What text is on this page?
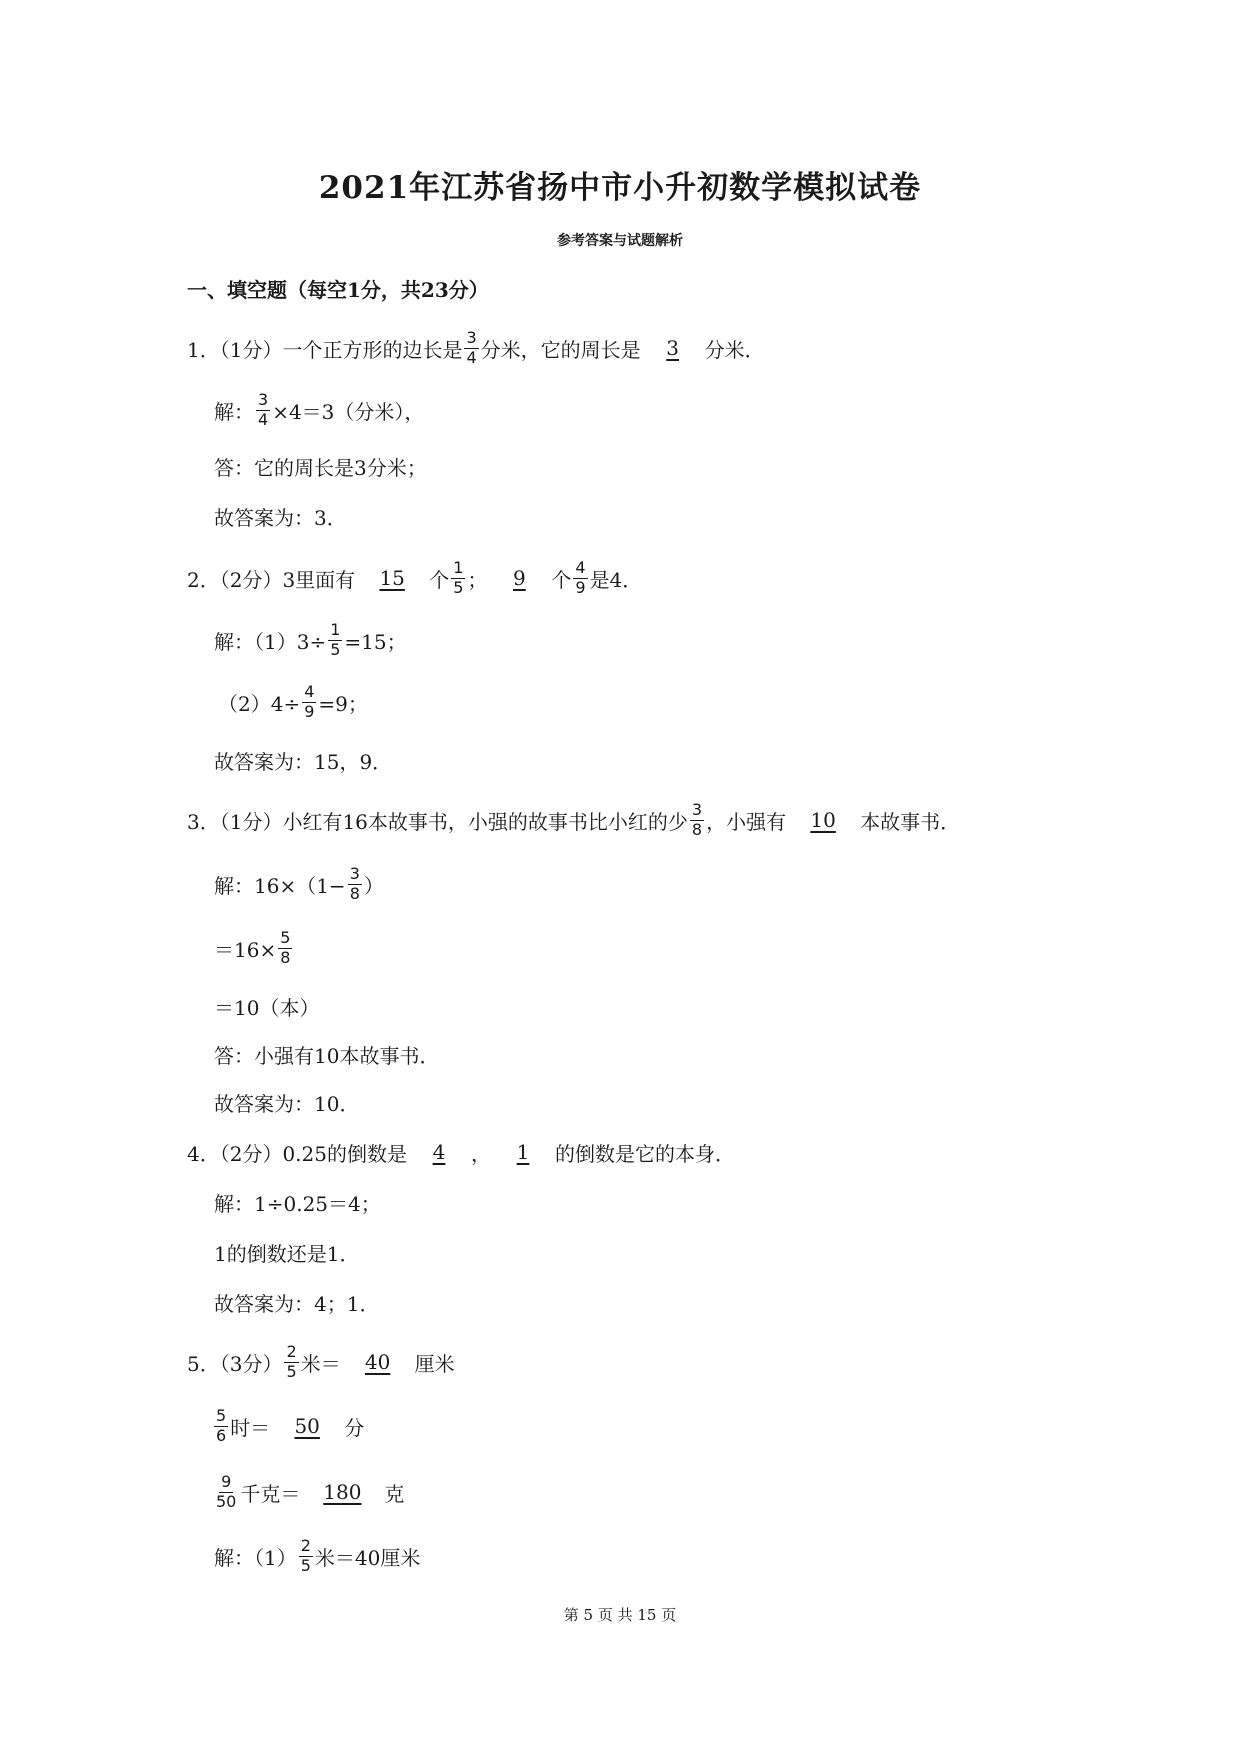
2021年江苏省扬中市小升初数学模拟试卷
参考答案与试题解析
一、填空题（每空1分，共23分）
1．（1分）一个正方形的边长是 $\frac{3}{4}$ 分米，它的周长是	3	分米．
解： $\frac{3}{4} \times 4=3$（分米），
答：它的周长是3分米；
故答案为：3．
2．（2分）3里面有	15	个 $\frac{1}{5}$ ；	9	个 $\frac{4}{9}$ 是4．
解：$(1)3\div \frac{1}{5} =15$；
$(2)4\div \frac{4}{9} =9$；
故答案为：15，9．
3．（1分）小红有16本故事书，小强的故事书比小红的少 $\frac{3}{8}$ ，小强有	10	本故事书．
解：$16\times(1- \frac{3}{8}$ ）
$=16\times \frac{5}{8}$
＝10（本）
答：小强有10本故事书．
故答案为：10．
4．（2分）0.25的倒数是	4	，	1	的倒数是它的本身．
解：1÷0.25＝4；
1的倒数还是1．
故答案为：4；1．
5．（3分） $\frac{2}{5}$ 米＝	40	厘米
$\frac{5}{6}$ 时＝	50	分
$\frac{9}{50}$ 千克＝	180	克
解：$(1) \frac{2}{5}$ 米＝40厘米
第 5 页 共 15 页
